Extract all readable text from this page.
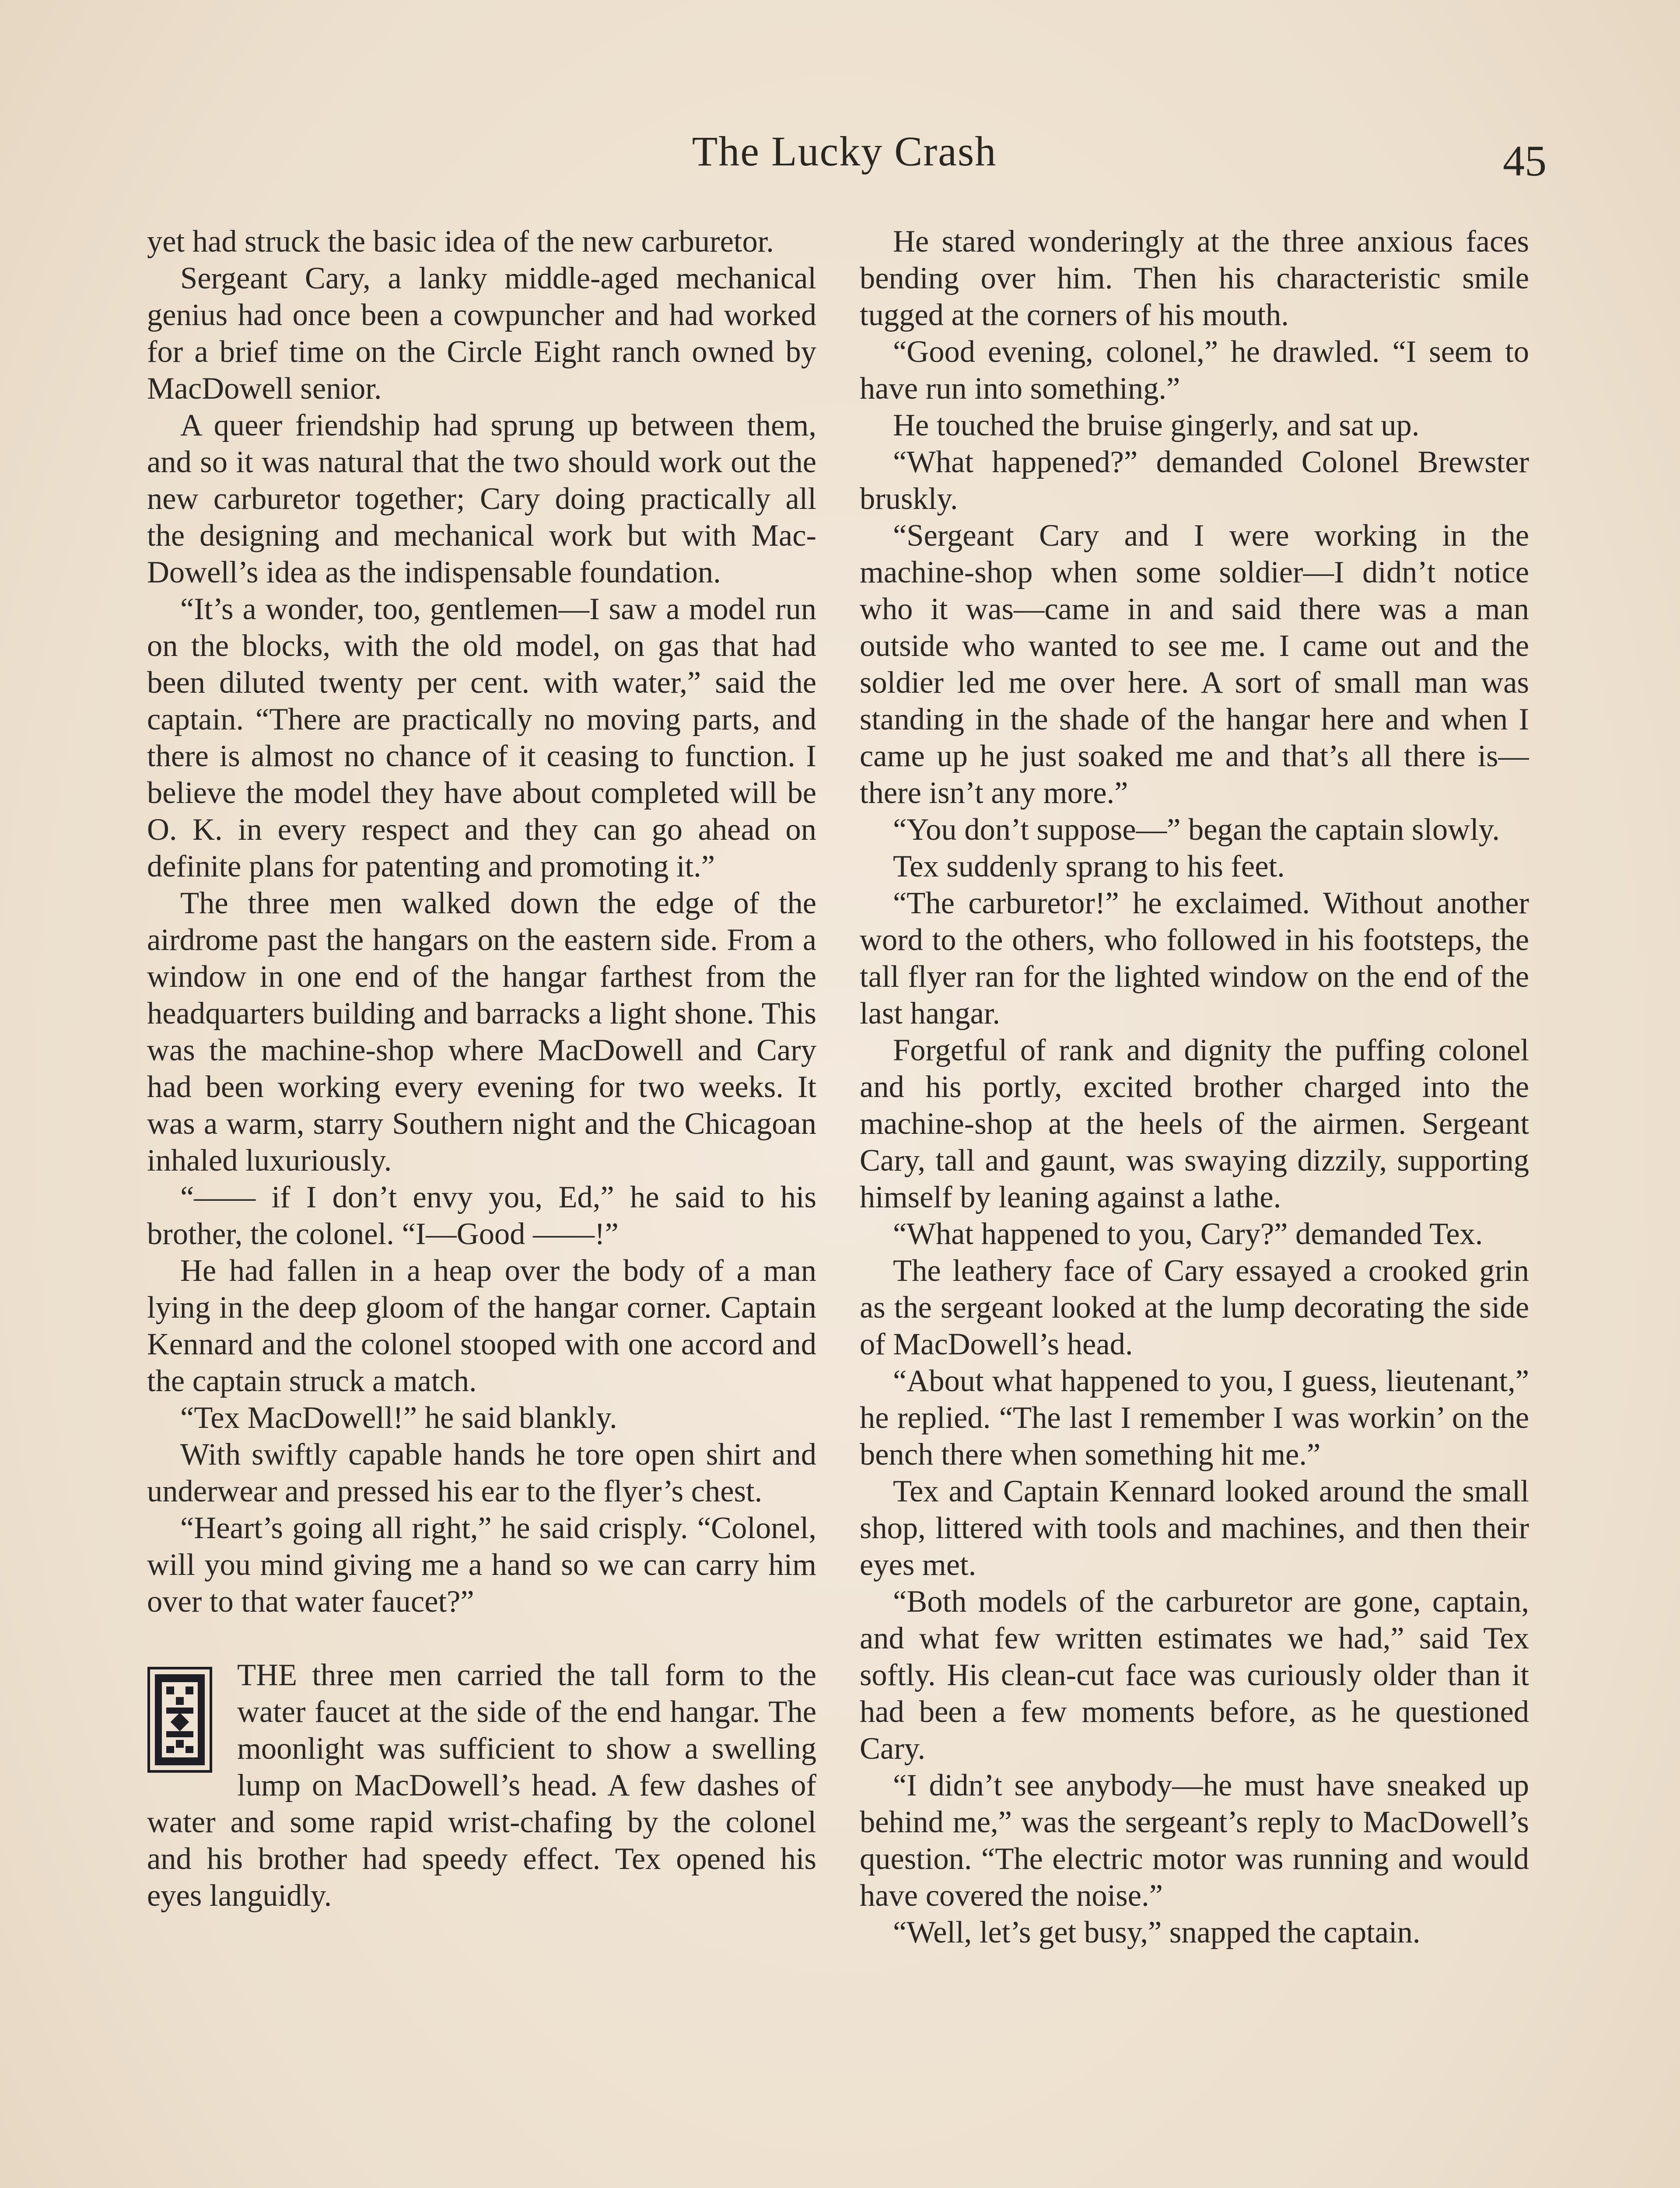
The Lucky Crash	45

yet had struck the basic idea of the new carburetor.

Sergeant Cary, a lanky middle-aged mechanical genius had once been a cowpuncher and had worked for a brief time on the Circle Eight ranch owned by MacDowell senior.

A queer friendship had sprung up between them, and so it was natural that the two should work out the new carburetor together; Cary doing practically all the designing and mechanical work but with MacDowell’s idea as the indispensable foundation.

“It’s a wonder, too, gentlemen—I saw a model run on the blocks, with the old model, on gas that had been diluted twenty per cent. with water,” said the captain. “There are practically no moving parts, and there is almost no chance of it ceasing to function. I believe the model they have about completed will be O. K. in every respect and they can go ahead on definite plans for patenting and promoting it.”

The three men walked down the edge of the airdrome past the hangars on the eastern side. From a window in one end of the hangar farthest from the headquarters building and barracks a light shone. This was the machine-shop where MacDowell and Cary had been working every evening for two weeks. It was a warm, starry Southern night and the Chicagoan inhaled luxuriously.

“—— if I don’t envy you, Ed,” he said to his brother, the colonel. “I—Good ——!”

He had fallen in a heap over the body of a man lying in the deep gloom of the hangar corner. Captain Kennard and the colonel stooped with one accord and the captain struck a match.

“Tex MacDowell!” he said blankly.

With swiftly capable hands he tore open shirt and underwear and pressed his ear to the flyer’s chest.

“Heart’s going all right,” he said crisply. “Colonel, will you mind giving me a hand so we can carry him over to that water faucet?”

THE three men carried the tall form to the water faucet at the side of the end hangar. The moonlight was sufficient to show a swelling lump on MacDowell’s head. A few dashes of water and some rapid wrist-chafing by the colonel and his brother had speedy effect. Tex opened his eyes languidly.

He stared wonderingly at the three anxious faces bending over him. Then his characteristic smile tugged at the corners of his mouth.

“Good evening, colonel,” he drawled. “I seem to have run into something.”

He touched the bruise gingerly, and sat up.

“What happened?” demanded Colonel Brewster bruskly.

“Sergeant Cary and I were working in the machine-shop when some soldier—I didn’t notice who it was—came in and said there was a man outside who wanted to see me. I came out and the soldier led me over here. A sort of small man was standing in the shade of the hangar here and when I came up he just soaked me and that’s all there is—there isn’t any more.”

“You don’t suppose—” began the captain slowly.

Tex suddenly sprang to his feet.

“The carburetor!” he exclaimed. Without another word to the others, who followed in his footsteps, the tall flyer ran for the lighted window on the end of the last hangar.

Forgetful of rank and dignity the puffing colonel and his portly, excited brother charged into the machine-shop at the heels of the airmen. Sergeant Cary, tall and gaunt, was swaying dizzily, supporting himself by leaning against a lathe.

“What happened to you, Cary?” demanded Tex.

The leathery face of Cary essayed a crooked grin as the sergeant looked at the lump decorating the side of MacDowell’s head.

“About what happened to you, I guess, lieutenant,” he replied. “The last I remember I was workin’ on the bench there when something hit me.”

Tex and Captain Kennard looked around the small shop, littered with tools and machines, and then their eyes met.

“Both models of the carburetor are gone, captain, and what few written estimates we had,” said Tex softly. His clean-cut face was curiously older than it had been a few moments before, as he questioned Cary.

“I didn’t see anybody—he must have sneaked up behind me,” was the sergeant’s reply to MacDowell’s question. “The electric motor was running and would have covered the noise.”

“Well, let’s get busy,” snapped the captain.
